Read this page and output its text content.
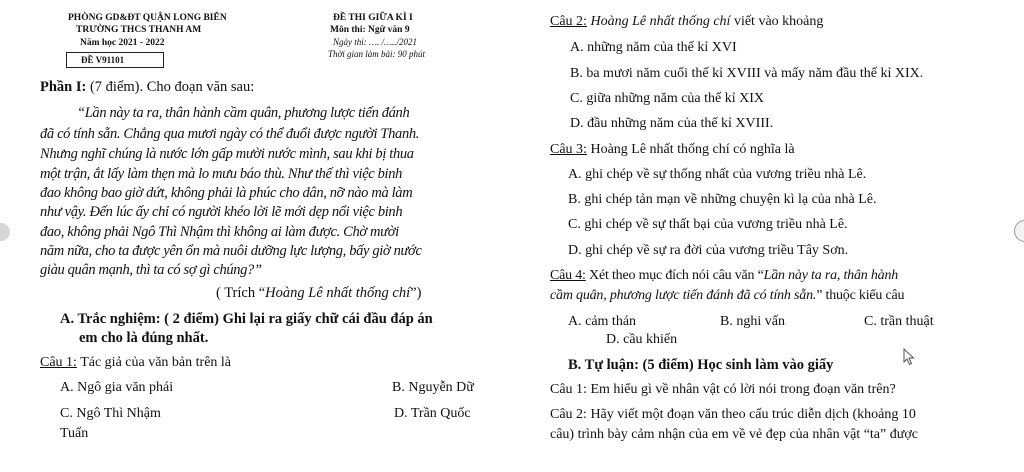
PHÒNG GD&ĐT QUẬN LONG BIÊN
TRƯỜNG THCS THANH AM
Năm học 2021 - 2022
ĐỀ V91101
ĐỀ THI GIỮA KÌ I
Môn thi: Ngữ văn 9
Ngày thi: …. /…../2021
Thời gian làm bài: 90 phút
Phần I: (7 điểm). Cho đoạn văn sau:
“Lần này ta ra, thân hành cầm quân, phương lược tiến đánh
đã có tính sẵn. Chẳng qua mươi ngày có thể đuổi được người Thanh.
Nhưng nghĩ chúng là nước lớn gấp mười nước mình, sau khi bị thua
một trận, ắt lấy làm thẹn mà lo mưu báo thù. Như thế thì việc binh
đao không bao giờ dứt, không phải là phúc cho dân, nỡ nào mà làm
như vậy. Đến lúc ấy chỉ có người khéo lời lẽ mới dẹp nổi việc binh
đao, không phải Ngô Thì Nhậm thì không ai làm được. Chờ mười
năm nữa, cho ta được yên ổn mà nuôi dưỡng lực lượng, bấy giờ nước
giàu quân mạnh, thì ta có sợ gì chúng?”
( Trích “Hoàng Lê nhất thống chí”)
A. Trắc nghiệm: ( 2 điểm) Ghi lại ra giấy chữ cái đầu đáp án
em cho là đúng nhất.
Câu 1: Tác giả của văn bản trên là
A. Ngô gia văn phái	B. Nguyễn Dữ
C. Ngô Thì Nhậm	D. Trần Quốc
Tuấn
Câu 2: Hoàng Lê nhất thống chí viết vào khoảng
A. những năm của thế kỉ XVI
B. ba mươi năm cuối thế kỉ XVIII và mấy năm đầu thế kỉ XIX.
C. giữa những năm của thế kỉ XIX
D. đầu những năm của thế kỉ XVIII.
Câu 3: Hoàng Lê nhất thống chí có nghĩa là
A. ghi chép về sự thống nhất của vương triều nhà Lê.
B. ghi chép tản mạn về những chuyện kì lạ của nhà Lê.
C. ghi chép về sự thất bại của vương triều nhà Lê.
D. ghi chép về sự ra đời của vương triều Tây Sơn.
Câu 4: Xét theo mục đích nói câu văn “Lần này ta ra, thân hành
cầm quân, phương lược tiến đánh đã có tính sẵn.” thuộc kiểu câu
A. cảm thán	B. nghi vấn	C. trần thuật
D. cầu khiến
B. Tự luận: (5 điểm) Học sinh làm vào giấy
Câu 1: Em hiểu gì về nhân vật có lời nói trong đoạn văn trên?
Câu 2: Hãy viết một đoạn văn theo cấu trúc diễn dịch (khoảng 10
câu) trình bày cảm nhận của em về vẻ đẹp của nhân vật “ta” được
